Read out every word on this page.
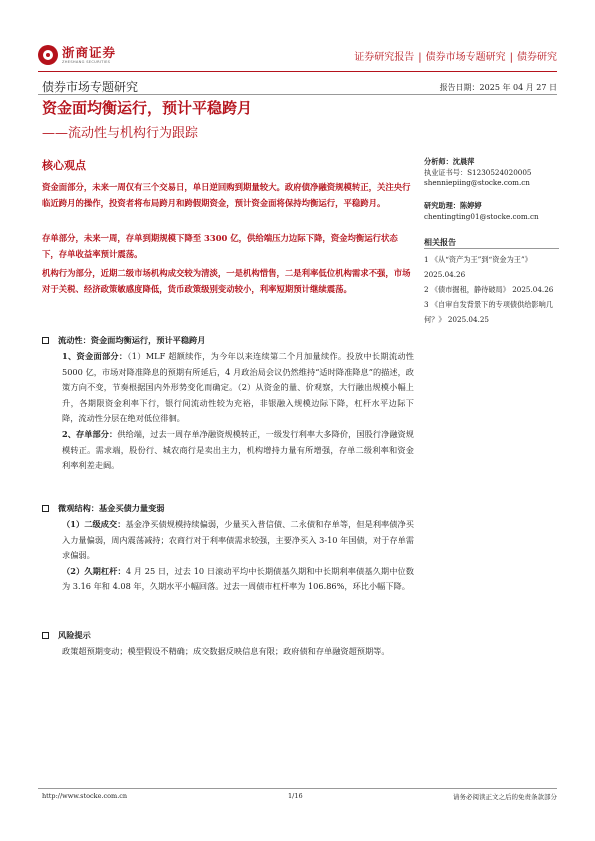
浙商证券
ZHESHANG SECURITIES	证券研究报告 | 债券市场专题研究 | 债券研究
债券市场专题研究	报告日期：2025 年 04 月 27 日
资金面均衡运行，预计平稳跨月
——流动性与机构行为跟踪
核心观点
资金面部分，未来一周仅有三个交易日，单日逆回购到期量较大。政府债净融资规模转正，关注央行临近跨月的操作，投资者将布局跨月和跨假期资金，预计资金面将保持均衡运行，平稳跨月。
存单部分，未来一周，存单到期规模下降至 3300 亿，供给端压力边际下降，资金均衡运行状态下，存单收益率预计震荡。
机构行为部分，近期二级市场机构成交较为清淡，一是机构惜售，二是利率低位机构需求不强，市场对于关税、经济政策敏感度降低，货币政策级别变动较小，利率短期预计继续震荡。
流动性：资金面均衡运行，预计平稳跨月

1、资金面部分：（1）MLF 超额续作，为今年以来连续第二个月加量续作。投放中长期流动性 5000 亿，市场对降准降息的预期有所延后，4 月政治局会议仍然维持“适时降准降息”的描述，政策方向不变，节奏根据国内外形势变化而确定。（2）从资金的量、价观察，大行融出规模小幅上升，各期限资金利率下行，银行间流动性较为充裕，非银融入规模边际下降，杠杆水平边际下降，流动性分层在绝对低位徘徊。

2、存单部分：供给端，过去一周存单净融资规模转正，一级发行利率大多降价，国股行净融资规模转正。需求端，股份行、城农商行是卖出主力，机构增持力量有所增强，存单二级利率和资金利率利差走阔。

微观结构：基金买债力量变弱

（1）二级成交：基金净买债规模持续偏弱，少量买入普信债、二永债和存单等，但是利率债净买入力量偏弱，周内震荡减持；农商行对于利率债需求较强，主要净买入 3-10 年国债，对于存单需求偏弱。

（2）久期杠杆：4 月 25 日，过去 10 日滚动平均中长期债基久期和中长期利率债基久期中位数为 3.16 年和 4.08 年，久期水平小幅回落。过去一周债市杠杆率为 106.86%，环比小幅下降。

风险提示

政策超预期变动；模型假设不精确；成交数据反映信息有限；政府债和存单融资超预期等。

分析师：沈晨萍
执业证书号：S1230524020005
shenniepiing@stocke.com.cn
研究助理：陈婷婷
chentingting01@stocke.com.cn
相关报告
1 《从“资产为王”到“资金为王”》 2025.04.26
2 《债市掘租，静待破局》 2025.04.26
3 《自审自发背景下的专项债供给影响几何？》 2025.04.25
http://www.stocke.com.cn	1/16	请务必阅读正文之后的免责条款部分
